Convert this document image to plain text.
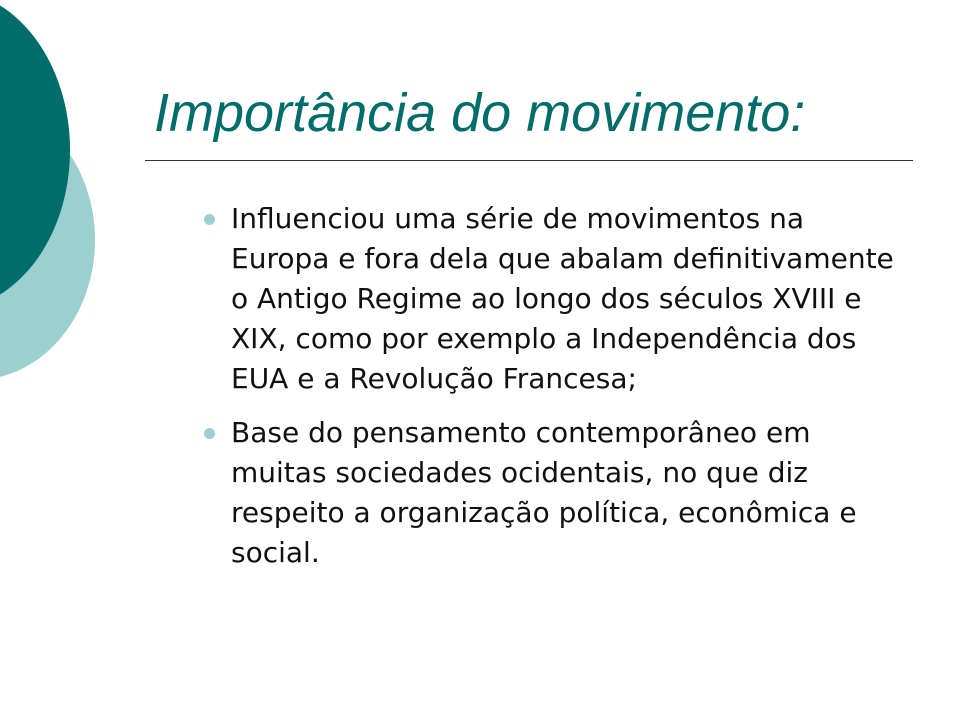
Importância do movimento:
Influenciou uma série de movimentos na Europa e fora dela que abalam definitivamente o Antigo Regime ao longo dos séculos XVIII e XIX, como por exemplo a Independência dos EUA e a Revolução Francesa;
Base do pensamento contemporâneo em muitas sociedades ocidentais, no que diz respeito a organização política, econômica e social.
